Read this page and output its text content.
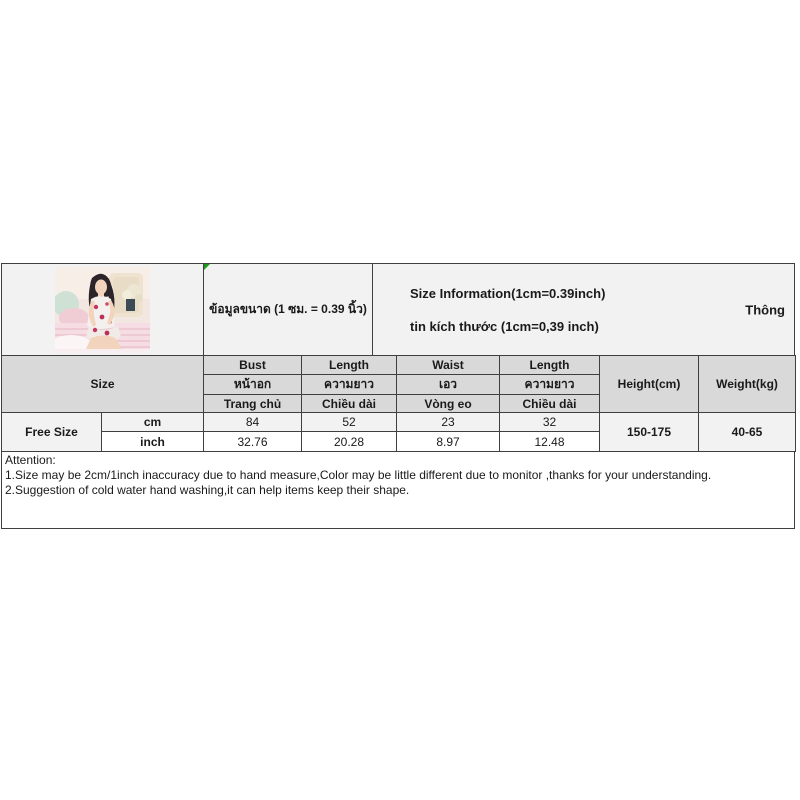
ข้อมูลขนาด (1 ซม. = 0.39 นิ้ว)
Size Information(1cm=0.39inch)
tin kích thước (1cm=0,39 inch)
Thông
Size		Bust	Length	Waist	Length	Height(cm)	Weight(kg)
		หน้าอก	ความยาว	เอว	ความยาว		
		Trang chủ	Chiều dài	Vòng eo	Chiều dài		
Free Size	cm	84	52	23	32	150-175	40-65
	inch	32.76	20.28	8.97	12.48		
Attention:
1.Size may be 2cm/1inch inaccuracy due to hand measure,Color may be little different due to monitor ,thanks for your understanding.
2.Suggestion of cold water hand washing,it can help items keep their shape.
